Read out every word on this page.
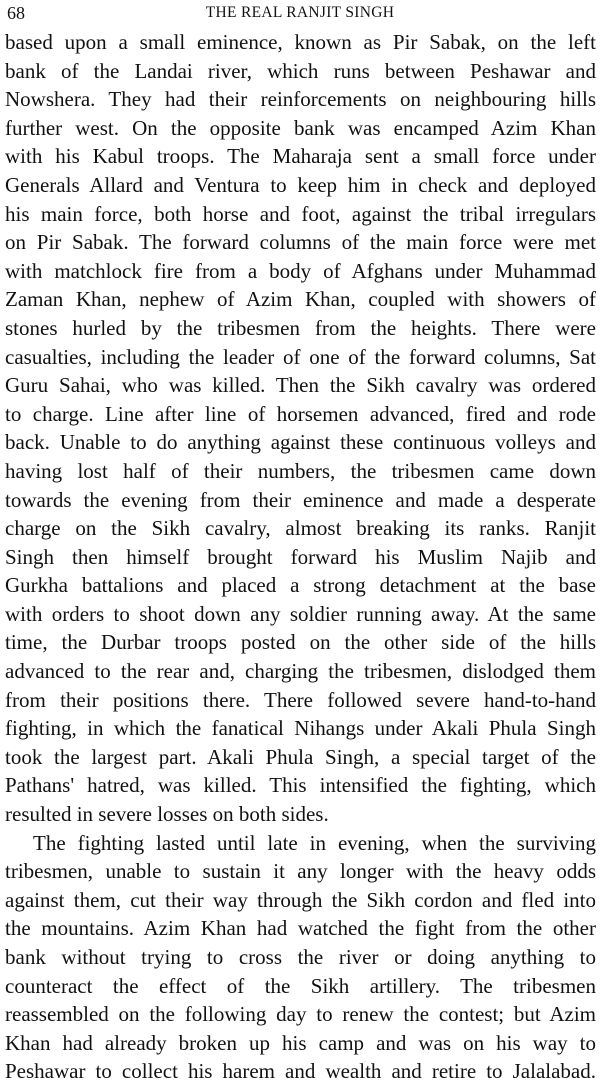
68	THE REAL RANJIT SINGH
based upon a small eminence, known as Pir Sabak, on the left
bank of the Landai river, which runs between Peshawar and
Nowshera. They had their reinforcements on neighbouring hills
further west. On the opposite bank was encamped Azim Khan
with his Kabul troops. The Maharaja sent a small force under
Generals Allard and Ventura to keep him in check and deployed
his main force, both horse and foot, against the tribal irregulars
on Pir Sabak. The forward columns of the main force were met
with matchlock fire from a body of Afghans under Muhammad
Zaman Khan, nephew of Azim Khan, coupled with showers of
stones hurled by the tribesmen from the heights. There were
casualties, including the leader of one of the forward columns, Sat
Guru Sahai, who was killed. Then the Sikh cavalry was ordered
to charge. Line after line of horsemen advanced, fired and rode
back. Unable to do anything against these continuous volleys and
having lost half of their numbers, the tribesmen came down
towards the evening from their eminence and made a desperate
charge on the Sikh cavalry, almost breaking its ranks. Ranjit
Singh then himself brought forward his Muslim Najib and
Gurkha battalions and placed a strong detachment at the base
with orders to shoot down any soldier running away. At the same
time, the Durbar troops posted on the other side of the hills
advanced to the rear and, charging the tribesmen, dislodged them
from their positions there. There followed severe hand-to-hand
fighting, in which the fanatical Nihangs under Akali Phula Singh
took the largest part. Akali Phula Singh, a special target of the
Pathans' hatred, was killed. This intensified the fighting, which
resulted in severe losses on both sides.
The fighting lasted until late in evening, when the surviving
tribesmen, unable to sustain it any longer with the heavy odds
against them, cut their way through the Sikh cordon and fled into
the mountains. Azim Khan had watched the fight from the other
bank without trying to cross the river or doing anything to
counteract the effect of the Sikh artillery. The tribesmen
reassembled on the following day to renew the contest; but Azim
Khan had already broken up his camp and was on his way to
Peshawar to collect his harem and wealth and retire to Jalalabad.
